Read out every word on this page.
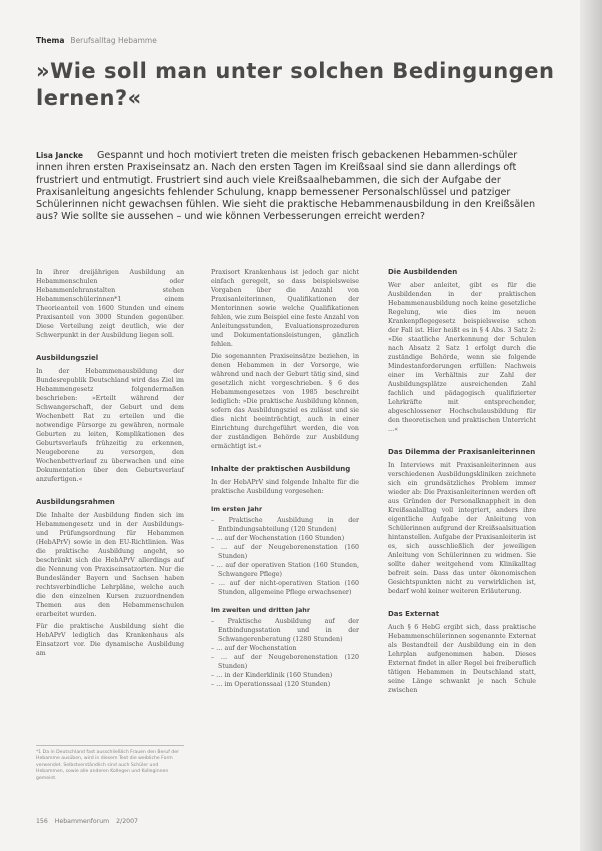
Thema Berufsalltag Hebamme
»Wie soll man unter solchen Bedingungen lernen?«
Lisa Jancke Gespannt und hoch motiviert treten die meisten frisch gebackenen Hebammen-schüler innen ihren ersten Praxiseinsatz an. Nach den ersten Tagen im Kreißsaal sind sie dann allerdings oft frustriert und entmutigt. Frustriert sind auch viele Kreißsaalhebammen, die sich der Aufgabe der Praxisanleitung angesichts fehlender Schulung, knapp bemessener Personalschlüssel und patziger Schülerinnen nicht gewachsen fühlen. Wie sieht die praktische Hebammenausbildung in den Kreißsälen aus? Wie sollte sie aussehen – und wie können Verbesserungen erreicht werden?

In ihrer dreijährigen Ausbildung an Hebammenschulen oder Hebammenlehranstalten stehen Hebammenschülerinnen*1 einem Theorieanteil von 1600 Stunden und einem Praxisanteil von 3000 Stunden gegenüber. Diese Verteilung zeigt deutlich, wie der Schwerpunkt in der Ausbildung liegen soll.

Ausbildungsziel

In der Hebammenausbildung der Bundesrepublik Deutschland wird das Ziel im Hebammengesetz folgendermaßen beschrieben: »Erteilt während der Schwangerschaft, der Geburt und dem Wochenbett Rat zu erteilen und die notwendige Fürsorge zu gewähren, normale Geburten zu leiten, Komplikationen des Geburtsverlaufs frühzeitig zu erkennen, Neugeborene zu versorgen, den Wochenbettverlauf zu überwachen und eine Dokumentation über den Geburtsverlauf anzufertigen.«

Ausbildungsrahmen

Die Inhalte der Ausbildung finden sich im Hebammengesetz und in der Ausbildungs- und Prüfungsordnung für Hebammen (HebAPrV) sowie in den EU-Richtlinien. Was die praktische Ausbildung angeht, so beschränkt sich die HebAPrV allerdings auf die Nennung von Praxiseinsatzorten. Nur die Bundesländer Bayern und Sachsen haben rechtsverbindliche Lehrpläne, welche auch die den einzelnen Kursen zuzuordnenden Themen aus den Hebammenschulen erarbeitet wurden.

Für die praktische Ausbildung sieht die HebAPrV lediglich das Krankenhaus als Einsatzort vor. Die dynamische Ausbildung am

*1 Da in Deutschland fast ausschließlich Frauen den Beruf der Hebamme ausüben, wird in diesem Text die weibliche Form verwendet. Selbstverständlich sind auch Schüler und Hebammen, sowie alle anderen Kollegen und Kolleginnen gemeint.

Praxisort Krankenhaus ist jedoch gar nicht einfach geregelt, so dass beispielsweise Vorgaben über die Anzahl von Praxisanleiterinnen, Qualifikationen der Mentorinnen sowie welche Qualifikationen fehlen, wie zum Beispiel eine feste Anzahl von Anleitungsstunden, Evaluationsprozeduren und Dokumentationsleistungen, gänzlich fehlen.

Die sogenannten Praxiseinsätze beziehen, in denen Hebammen in der Vorsorge, wie während und nach der Geburt tätig sind, sind gesetzlich nicht vorgeschrieben. § 6 des Hebammengesetzes von 1985 beschreibt lediglich: »Die praktische Ausbildung können, sofern das Ausbildungsziel es zulässt und sie dies nicht beeinträchtigt, auch in einer Einrichtung durchgeführt werden, die von der zuständigen Behörde zur Ausbildung ermächtigt ist.«

Inhalte der praktischen Ausbildung

In der HebAPrV sind folgende Inhalte für die praktische Ausbildung vorgesehen:

Im ersten Jahr
– Praktische Ausbildung in der Entbindungsabteilung (120 Stunden)
– … auf der Wochenstation (160 Stunden)
– … auf der Neugeborenenstation (160 Stunden)
– … auf der operativen Station (160 Stunden, Schwangere Pflege)
– … auf der nicht-operativen Station (160 Stunden, allgemeine Pflege erwachsener)
Im zweiten und dritten Jahr
– Praktische Ausbildung auf der Entbindungsstation und in der Schwangerenberatung (1280 Stunden)
– … auf der Wochenstation
– … auf der Neugeborenenstation (120 Stunden)
– … in der Kinderklinik (160 Stunden)
– … im Operationssaal (120 Stunden)
Die Ausbildenden

Wer aber anleitet, gibt es für die Ausbildenden in der praktischen Hebammenausbildung noch keine gesetzliche Regelung, wie dies im neuen Krankenpflegegesetz beispielsweise schon der Fall ist. Hier heißt es in § 4 Abs. 3 Satz 2: »Die staatliche Anerkennung der Schulen nach Absatz 2 Satz 1 erfolgt durch die zuständige Behörde, wenn sie folgende Mindestanforderungen erfüllen: Nachweis einer im Verhältnis zur Zahl der Ausbildungsplätze ausreichenden Zahl fachlich und pädagogisch qualifizierter Lehrkräfte mit entsprechender, abgeschlossener Hochschulausbildung für den theoretischen und praktischen Unterricht …«

Das Dilemma der Praxisanleiterinnen

In Interviews mit Praxisanleiterinnen aus verschiedenen Ausbildungskliniken zeichnete sich ein grundsätzliches Problem immer wieder ab: Die Praxisanleiterinnen werden oft aus Gründen der Personalknappheit in den Kreißsaalalltag voll integriert, anders ihre eigentliche Aufgabe der Anleitung von Schülerinnen aufgrund der Kreißsaalsituation hintanstellen. Aufgabe der Praxisanleiterin ist es, sich ausschließlich der jeweiligen Anleitung von Schülerinnen zu widmen. Sie sollte daher weitgehend vom Klinikalltag befreit sein. Dass das unter ökonomischen Gesichtspunkten nicht zu verwirklichen ist, bedarf wohl keiner weiteren Erläuterung.

Das Externat

Auch § 6 HebG ergibt sich, dass praktische Hebammenschülerinnen sogenannte Externat als Bestandteil der Ausbildung ein in den Lehrplan aufgenommen haben. Dieses Externat findet in aller Regel bei freiberuflich tätigen Hebammen in Deutschland statt, seine Länge schwankt je nach Schule zwischen

156 Hebammenforum 2/2007
